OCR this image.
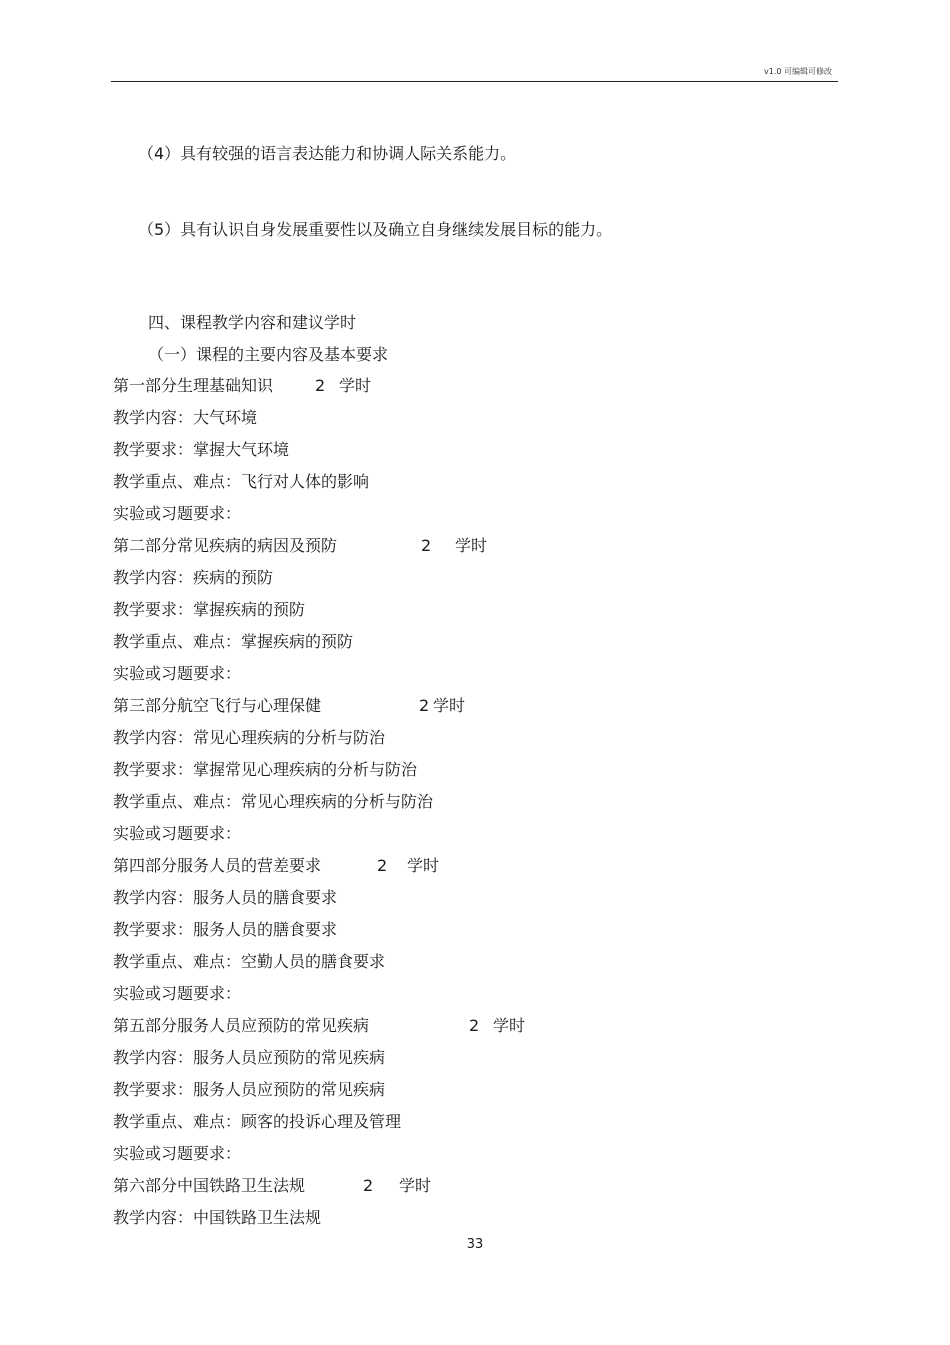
v1.0 可编辑可修改

（4）具有较强的语言表达能力和协调人际关系能力。

（5）具有认识自身发展重要性以及确立自身继续发展目标的能力。

四、课程教学内容和建议学时

（一）课程的主要内容及基本要求

第一部分生理基础知识	2 学时
教学内容：大气环境
教学要求：掌握大气环境
教学重点、难点：飞行对人体的影响
实验或习题要求：
第二部分常见疾病的病因及预防	2 学时
教学内容：疾病的预防
教学要求：掌握疾病的预防
教学重点、难点：掌握疾病的预防
实验或习题要求：
第三部分航空飞行与心理保健	2 学时
教学内容：常见心理疾病的分析与防治
教学要求：掌握常见心理疾病的分析与防治
教学重点、难点：常见心理疾病的分析与防治
实验或习题要求：
第四部分服务人员的营差要求	2 学时
教学内容：服务人员的膳食要求
教学要求：服务人员的膳食要求
教学重点、难点：空勤人员的膳食要求
实验或习题要求：
第五部分服务人员应预防的常见疾病	2 学时
教学内容：服务人员应预防的常见疾病
教学要求：服务人员应预防的常见疾病
教学重点、难点：顾客的投诉心理及管理
实验或习题要求：
第六部分中国铁路卫生法规	2 学时
教学内容：中国铁路卫生法规
33
